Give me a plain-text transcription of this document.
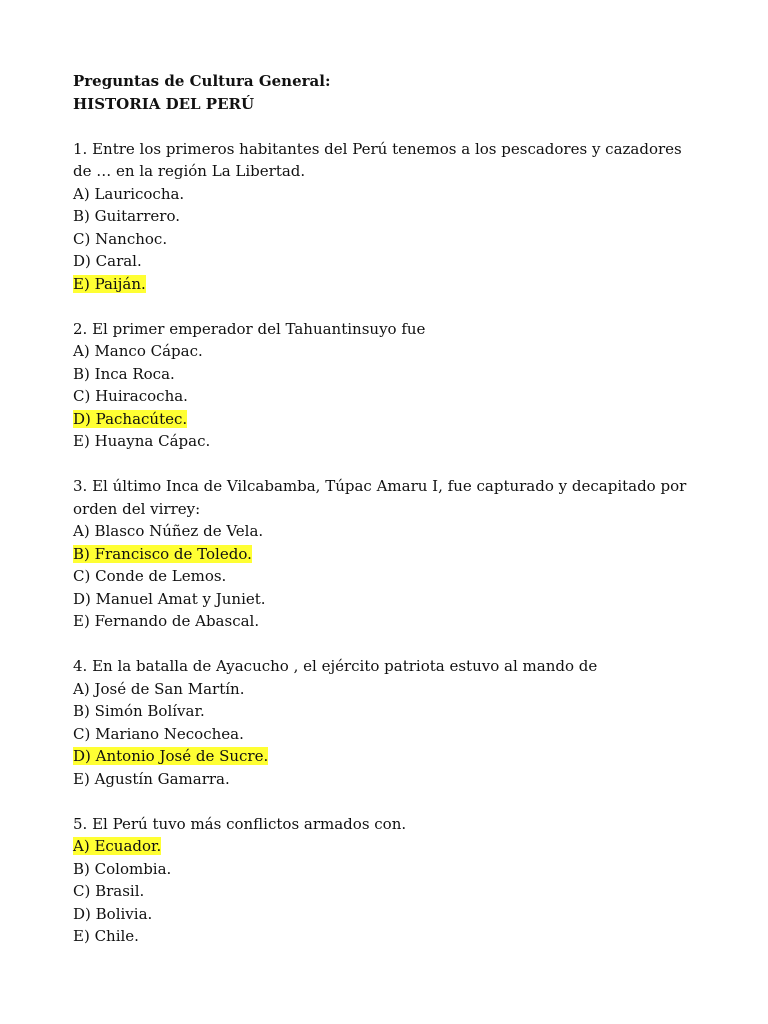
Preguntas de Cultura General:
HISTORIA DEL PERÚ
1. Entre los primeros habitantes del Perú tenemos a los pescadores y cazadores
de … en la región La Libertad.
A) Lauricocha.
B) Guitarrero.
C) Nanchoc.
D) Caral.
E) Paiján.
2. El primer emperador del Tahuantinsuyo fue
A) Manco Cápac.
B) Inca Roca.
C) Huiracocha.
D) Pachacútec.
E) Huayna Cápac.
3. El último Inca de Vilcabamba, Túpac Amaru I, fue capturado y decapitado por
orden del virrey:
A) Blasco Núñez de Vela.
B) Francisco de Toledo.
C) Conde de Lemos.
D) Manuel Amat y Juniet.
E) Fernando de Abascal.
4. En la batalla de Ayacucho , el ejército patriota estuvo al mando de
A) José de San Martín.
B) Simón Bolívar.
C) Mariano Necochea.
D) Antonio José de Sucre.
E) Agustín Gamarra.
5. El Perú tuvo más conflictos armados con.
A) Ecuador.
B) Colombia.
C) Brasil.
D) Bolivia.
E) Chile.
